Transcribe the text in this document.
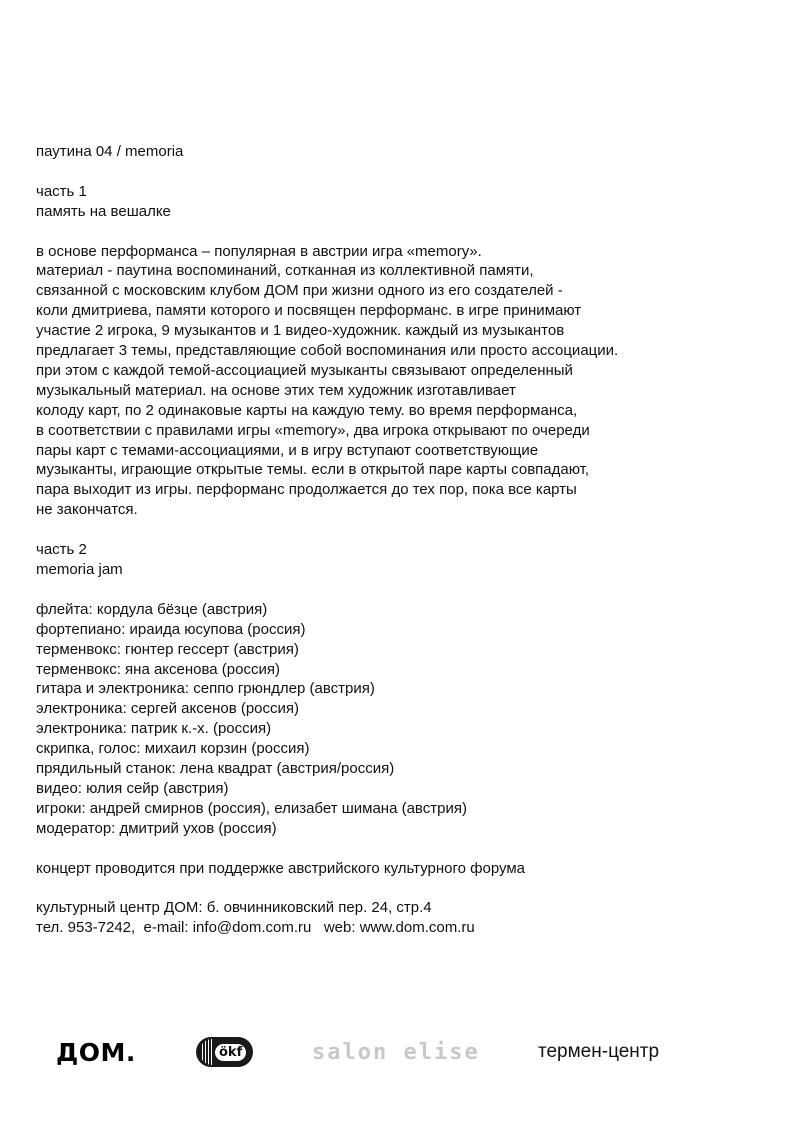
паутина 04 / memoria
часть 1
память на вешалке
в основе перформанса – популярная в австрии игра «memory».
материал - паутина воспоминаний, сотканная из коллективной памяти,
связанной с московским клубом ДОМ при жизни одного из его создателей -
коли дмитриева, памяти которого и посвящен перформанс. в игре принимают
участие 2 игрока, 9 музыкантов и 1 видео-художник. каждый из музыкантов
предлагает 3 темы, представляющие собой воспоминания или просто ассоциации.
при этом с каждой темой-ассоциацией музыканты связывают определенный
музыкальный материал. на основе этих тем художник изготавливает
колоду карт, по 2 одинаковые карты на каждую тему. во время перформанса,
в соответствии с правилами игры «memory», два игрока открывают по очереди
пары карт с темами-ассоциациями, и в игру вступают соответствующие
музыканты, играющие открытые темы. если в открытой паре карты совпадают,
пара выходит из игры. перформанс продолжается до тех пор, пока все карты
не закончатся.
часть 2
memoria jam
флейта: кордула бёзце (австрия)
фортепиано: ираида юсупова (россия)
терменвокс: гюнтер гессерт (австрия)
терменвокс: яна аксенова (россия)
гитара и электроника: сеппо грюндлер (австрия)
электроника: сергей аксенов (россия)
электроника: патрик к.-х. (россия)
скрипка, голос: михаил корзин (россия)
прядильный станок: лена квадрат (австрия/россия)
видео: юлия сейр (австрия)
игроки: андрей смирнов (россия), елизабет шимана (австрия)
модератор: дмитрий ухов (россия)
концерт проводится при поддержке австрийского культурного форума
культурный центр ДОМ: б. овчинниковский пер. 24, стр.4
тел. 953-7242, e-mail: info@dom.com.ru web: www.dom.com.ru
ДОМ.	ökf	salon elise	термен-центр
